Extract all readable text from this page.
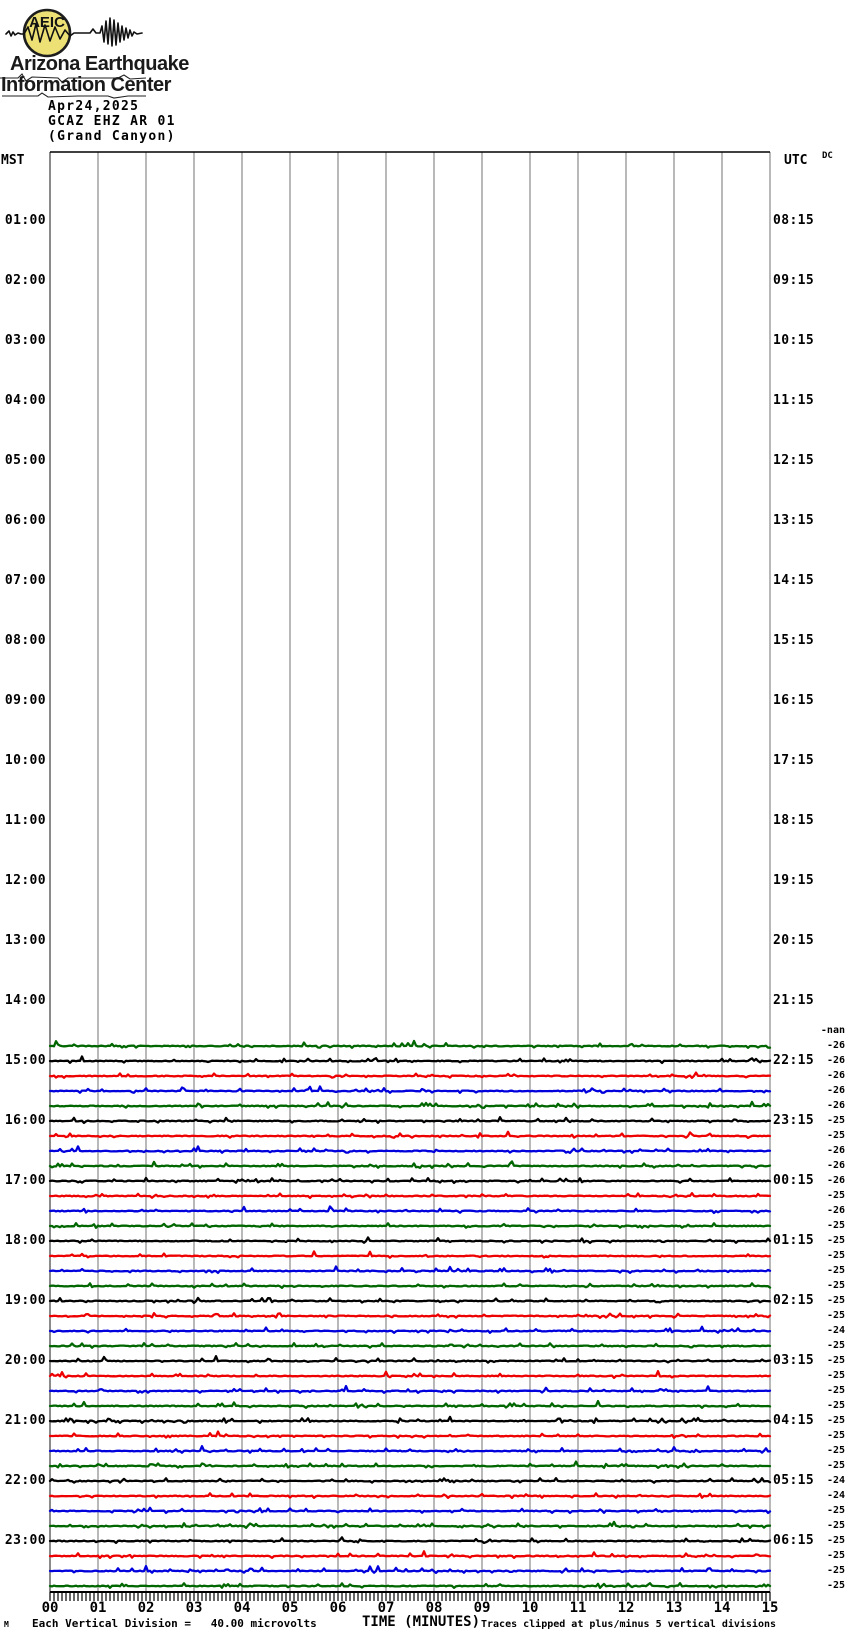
AEIC
Arizona Earthquake
Information Center
Apr24,2025
GCAZ EHZ AR 01
(Grand Canyon)
MST	UTC DC
01:00
02:00
03:00
04:00
05:00
06:00
07:00
08:00
09:00
10:00
11:00
12:00
13:00
14:00
15:00
16:00
17:00
18:00
19:00
20:00
21:00
22:00
23:00
08:15
09:15
10:15
11:15
12:15
13:15
14:15
15:15
16:15
17:15
18:15
19:15
20:15
21:15
22:15
23:15
00:15
01:15
02:15
03:15
04:15
05:15
06:15
-nan
-26
-26
-26
-26
-26
-25
-25
-26
-26
-26
-25
-26
-25
-25
-25
-25
-25
-25
-25
-24
-25
-25
-25
-25
-25
-25
-25
-25
-25
-24
-24
-25
-25
-25
-25
-25
-25
00	01	02	03	04	05	06	07	08	09	10	11	12	13	14	15
M Each Vertical Division =   40.00 microvolts	TIME (MINUTES) Traces clipped at plus/minus 5 vertical divisions
